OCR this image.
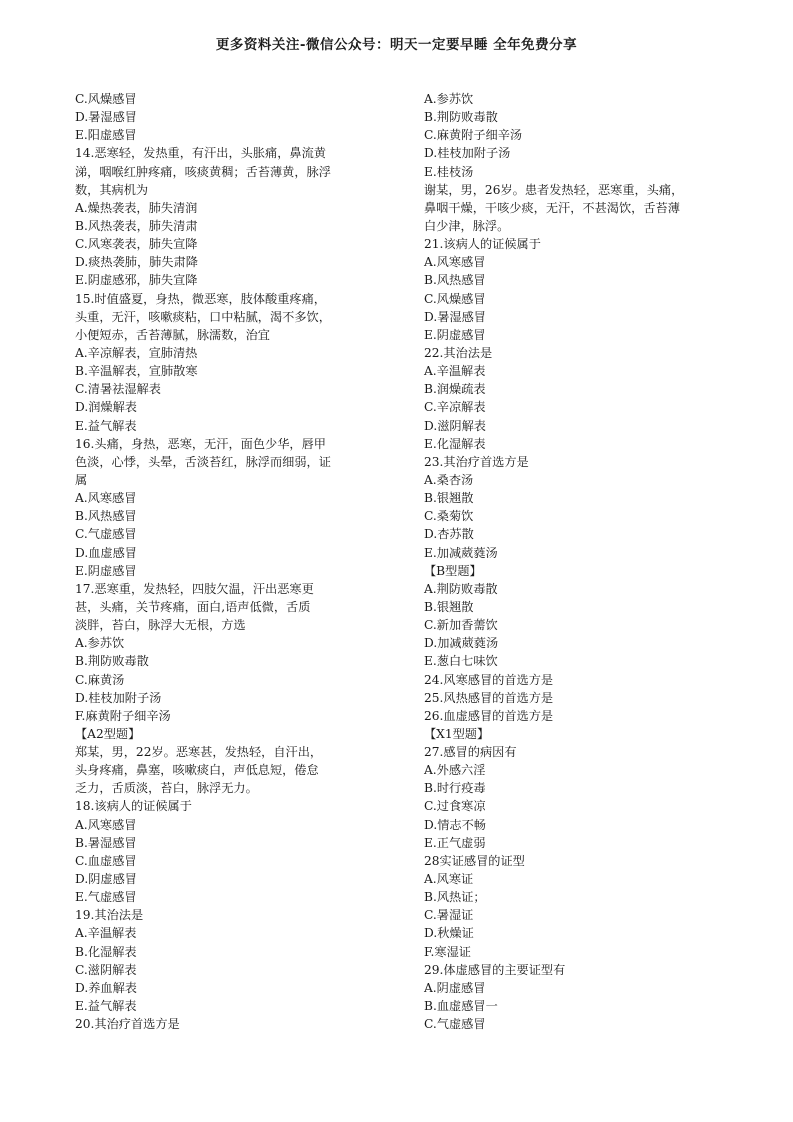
更多资料关注-微信公众号：明天一定要早睡 全年免费分享
C.风燥感冒
D.暑湿感冒
E.阳虚感冒
14.恶寒轻，发热重，有汗出，头胀痛，鼻流黄
涕，咽喉红肿疼痛，咳痰黄稠；舌苔薄黄，脉浮
数，其病机为
A.燥热袭表，肺失清润
B.风热袭表，肺失清肃
C.风寒袭表，肺失宣降
D.痰热袭肺，肺失肃降
E.阴虚感邪，肺失宣降
15.时值盛夏，身热，微恶寒，肢体酸重疼痛，
头重，无汗，咳嗽痰粘，口中粘腻，渴不多饮，
小便短赤，舌苔薄腻，脉濡数，治宜
A.辛凉解表，宣肺清热
B.辛温解表，宣肺散寒
C.清暑祛湿解表
D.润燥解表
E.益气解表
16.头痛，身热，恶寒，无汗，面色少华，唇甲
色淡，心悸，头晕，舌淡苔红，脉浮而细弱，证
属
A.风寒感冒
B.风热感冒
C.气虚感冒
D.血虚感冒
E.阴虚感冒
17.恶寒重，发热轻，四肢欠温，汗出恶寒更
甚，头痛，关节疼痛，面白,语声低微，舌质
淡胖，苔白，脉浮大无根，方选
A.参苏饮
B.荆防败毒散
C.麻黄汤
D.桂枝加附子汤
F.麻黄附子细辛汤
【A2型题】
郑某，男，22岁。恶寒甚，发热轻，自汗出，
头身疼痛，鼻塞，咳嗽痰白，声低息短，倦怠
乏力，舌质淡，苔白，脉浮无力。
18.该病人的证候属于
A.风寒感冒
B.暑湿感冒
C.血虚感冒
D.阴虚感冒
E.气虚感冒
19.其治法是
A.辛温解表
B.化湿解表
C.滋阴解表
D.养血解表
E.益气解表
20.其治疗首选方是
A.参苏饮
B.荆防败毒散
C.麻黄附子细辛汤
D.桂枝加附子汤
E.桂枝汤
谢某，男，26岁。患者发热轻，恶寒重，头痛，
鼻咽干燥，干咳少痰，无汗，不甚渴饮，舌苔薄
白少津，脉浮。
21.该病人的证候属于
A.风寒感冒
B.风热感冒
C.风燥感冒
D.暑湿感冒
E.阴虚感冒
22.其治法是
A.辛温解表
B.润燥疏表
C.辛凉解表
D.滋阴解表
E.化湿解表
23.其治疗首选方是
A.桑杏汤
B.银翘散
C.桑菊饮
D.杏苏散
E.加减葳蕤汤
【B型题】
A.荆防败毒散
B.银翘散
C.新加香薷饮
D.加减葳蕤汤
E.葱白七味饮
24.风寒感冒的首选方是
25.风热感冒的首选方是
26.血虚感冒的首选方是
【X1型题】
27.感冒的病因有
A.外感六淫
B.时行疫毒
C.过食寒凉
D.情志不畅
E.正气虚弱
28实证感冒的证型
A.风寒证
B.风热证；
C.暑湿证
D.秋燥证
F.寒湿证
29.体虚感冒的主要证型有
A.阴虚感冒
B.血虚感冒一
C.气虚感冒
